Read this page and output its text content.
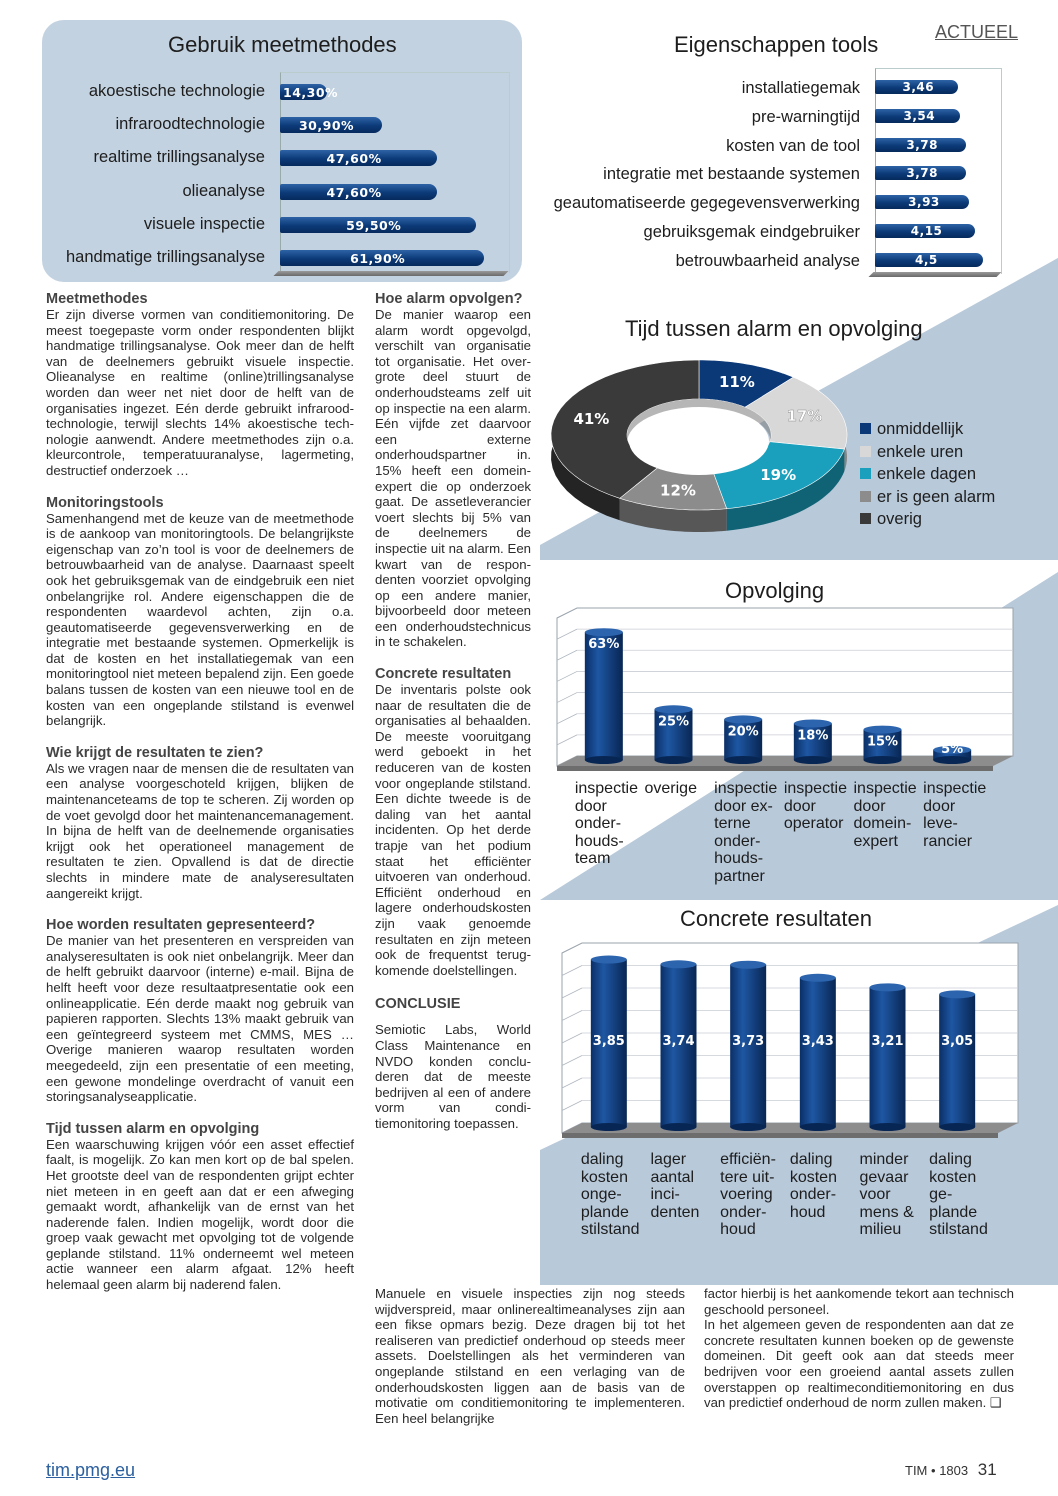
ACTUEEL
Gebruik meetmethodes
akoestische technologie 14,30%
infraroodtechnologie	30,90%
realtime trillingsanalyse	47,60%
olieanalyse	47,60%
visuele inspectie	59,50%
handmatige trillingsanalyse	61,90%
Eigenschappen tools
installatiegemak	3,46
pre-warningtijd	3,54
kosten van de tool	3,78
integratie met bestaande systemen	3,78
geautomatiseerde gegegevensverwerking	3,93
gebruiksgemak eindgebruiker	4,15
betrouwbaarheid analyse	4,5
Tijd tussen alarm en opvolging
11%
17%
19%
12%
41%
onmiddellijk
enkele uren
enkele dagen
er is geen alarm
overig
Opvolging
63%
25%
20%	18%	15%	5%
inspectie
door
onder-
houds-
team
overige	inspectie
door ex-
terne
onder-
houds-
partner
inspectie
door
operator
inspectie
door
domein-
expert
inspectie
door
leve-
rancier
Concrete resultaten
3,85	3,74	3,73	3,43	3,21	3,05
daling
kosten
onge-
plande
stilstand
lager
aantal
inci-
denten
efficiën-
tere uit-
voering
onder-
houd
daling
kosten
onder-
houd
minder
gevaar
voor
mens &
milieu
daling
kosten
ge-
plande
stilstand
Meetmethodes

Er zijn diverse vormen van conditiemonitoring. De meest toegepaste vorm onder respondenten blijkt handmatige trillingsanalyse. Ook meer dan de helft van de deelnemers gebruikt visuele inspectie. Olieanalyse en realtime (online)trillingsanalyse worden dan weer net niet door de helft van de organisaties ingezet. Eén derde gebruikt infraroodtechnologie, terwijl slechts 14% akoestische technologie aanwendt. Andere meetmethodes zijn o.a. kleurcontrole, temperatuuranalyse, lagermeting, destructief onderzoek …

Monitoringstools

Samenhangend met de keuze van de meetmethode is de aankoop van monitoringtools. De belangrijkste eigenschap van zo’n tool is voor de deelnemers de betrouwbaarheid van de analyse. Daarnaast speelt ook het gebruiksgemak van de eindgebruik een niet onbelangrijke rol. Andere eigenschappen die de respondenten waardevol achten, zijn o.a. geautomatiseerde gegevensverwerking en de integratie met bestaande systemen. Opmerkelijk is dat de kosten en het installatiegemak van een monitoringtool niet meteen bepalend zijn. Een goede balans tussen de kosten van een nieuwe tool en de kosten van een ongeplande stilstand is evenwel belangrijk.

Wie krijgt de resultaten te zien?

Als we vragen naar de mensen die de resultaten van een analyse voorgeschoteld krijgen, blijken de maintenanceteams de top te scheren. Zij worden op de voet gevolgd door het maintenancemanagement. In bijna de helft van de deelnemende organisaties krijgt ook het operationeel management de resultaten te zien. Opvallend is dat de directie slechts in mindere mate de analyseresultaten aangereikt krijgt.

Hoe worden resultaten gepresenteerd?

De manier van het presenteren en verspreiden van analyseresultaten is ook niet onbelangrijk. Meer dan de helft gebruikt daarvoor (interne) e-mail. Bijna de helft heeft voor deze resultaatpresentatie ook een onlineapplicatie. Eén derde maakt nog gebruik van papieren rapporten. Slechts 13% maakt gebruik van een geïntegreerd systeem met CMMS, MES … Overige manieren waarop resultaten worden meegedeeld, zijn een presentatie of een meeting, een gewone mondelinge overdracht of vanuit een storingsanalyseapplicatie.

Tijd tussen alarm en opvolging

Een waarschuwing krijgen vóór een asset effectief faalt, is mogelijk. Zo kan men kort op de bal spelen. Het grootste deel van de respondenten grijpt echter niet meteen in en geeft aan dat er een afweging gemaakt wordt, afhankelijk van de ernst van het naderende falen. Indien mogelijk, wordt door die groep vaak gewacht met opvolging tot de volgende geplande stilstand. 11% onderneemt wel meteen actie wanneer een alarm afgaat. 12% heeft helemaal geen alarm bij naderend falen.

Hoe alarm opvolgen?

De manier waarop een alarm wordt opgevolgd, verschilt van organisatie tot organisatie. Het overgrote deel stuurt de onderhoudsteams zelf uit op inspectie na een alarm. Eén vijfde zet daarvoor een externe onderhoudspartner in. 15% heeft een domeinexpert die op onderzoek gaat. De assetleverancier voert slechts bij 5% van de deelnemers de inspectie uit na alarm. Een kwart van de respondenten voorziet opvolging op een andere manier, bijvoorbeeld door meteen een onderhoudstechnicus in te schakelen.

Concrete resultaten

De inventaris polste ook naar de resultaten die de organisaties al behaalden. De meeste vooruitgang werd geboekt in het reduceren van de kosten voor ongeplande stilstand. Een dichte tweede is de daling van het aantal incidenten. Op het derde trapje van het podium staat het efficiënter uitvoeren van onderhoud. Efficiënt onderhoud en lagere onderhoudskosten zijn vaak genoemde resultaten en zijn meteen ook de frequentst terugkomende doelstellingen.

CONCLUSIE

Semiotic Labs, World Class Maintenance en NVDO konden concluderen dat de meeste bedrijven al een of andere vorm van conditiemonitoring toepassen.

Manuele en visuele inspecties zijn nog steeds wijdverspreid, maar onlinerealtimeanalyses zijn aan een fikse opmars bezig. Deze dragen bij tot het realiseren van predictief onderhoud op steeds meer assets. Doelstellingen als het verminderen van ongeplande stilstand en een verlaging van de onderhoudskosten liggen aan de basis van de motivatie om conditiemonitoring te implementeren. Een heel belangrijke

factor hierbij is het aankomende tekort aan technisch geschoold personeel.

In het algemeen geven de respondenten aan dat ze concrete resultaten kunnen boeken op de gewenste domeinen. Dit geeft ook aan dat steeds meer bedrijven voor een groeiend aantal assets zullen overstappen op realtimeconditiemonitoring en dus van predictief onderhoud de norm zullen maken. ❑

tim.pmg.eu	TIM • 1803 31
